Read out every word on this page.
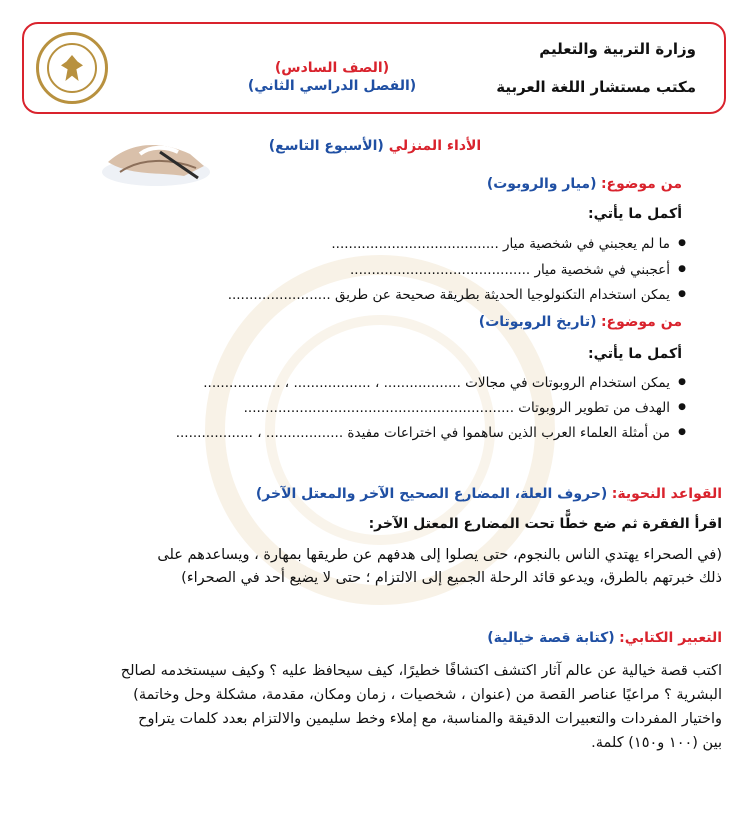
وزارة التربية والتعليم
مكتب مستشار اللغة العربية
(الصف السادس)
(الفصل الدراسي الثاني)
الأداء المنزلي (الأسبوع التاسع)
من موضوع: (ميار والروبوت)
أكمل ما يأتي:
● ما لم يعجبني في شخصية ميار .......................................
● أعجبني في شخصية ميار ..........................................
● يمكن استخدام التكنولوجيا الحديثة بطريقة صحيحة عن طريق ........................
من موضوع: (تاريخ الروبوتات)
أكمل ما يأتي:
● يمكن استخدام الروبوتات في مجالات .................. ، .................. ، ..................
● الهدف من تطوير الروبوتات ...............................................................
● من أمثلة العلماء العرب الذين ساهموا في اختراعات مفيدة .................. ، ..................
القواعد النحوية: (حروف العلة، المضارع الصحيح الآخر والمعتل الآخر)
اقرأ الفقرة ثم ضع خطًّا تحت المضارع المعتل الآخر:
(في الصحراء يهتدي الناس بالنجوم، حتى يصلوا إلى هدفهم عن طريقها بمهارة ، ويساعدهم على
ذلك خبرتهم بالطرق، ويدعو قائد الرحلة الجميع إلى الالتزام ؛ حتى لا يضيع أحد في الصحراء)
التعبير الكتابي: (كتابة قصة خيالية)
اكتب قصة خيالية عن عالم آثار اكتشف اكتشافًا خطيرًا، كيف سيحافظ عليه ؟ وكيف سيستخدمه لصالح
البشرية ؟ مراعيًا عناصر القصة من (عنوان ، شخصيات ، زمان ومكان، مقدمة، مشكلة وحل وخاتمة)
واختيار المفردات والتعبيرات الدقيقة والمناسبة، مع إملاء وخط سليمين والالتزام بعدد كلمات يتراوح
بين (١٠٠ و١٥٠) كلمة.
